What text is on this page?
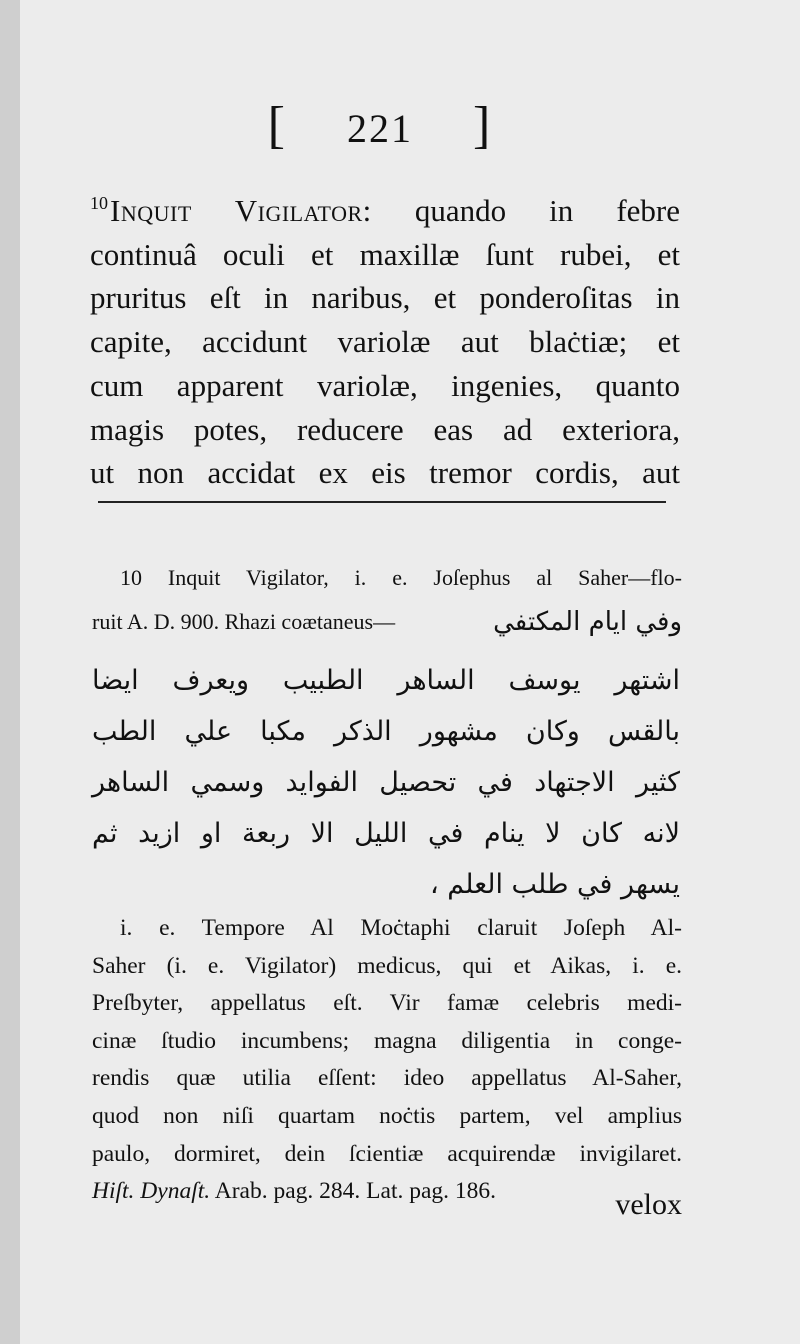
[ 221 ]
$^{10}$Inquit Vigilator: quando in febre
continuâ oculi et maxillæ ſunt rubei, et
pruritus eſt in naribus, et ponderoſitas in
capite, accidunt variolæ aut blaċtiæ; et
cum apparent variolæ, ingenies, quanto
magis potes, reducere eas ad exteriora,
ut non accidat ex eis tremor cordis, aut
10 Inquit Vigilator, i. e. Joſephus al Saher—flo-
ruit A. D. 900. Rhazi coætaneus—	وفي ايام المكتفي
اشتهر يوسف الساهر الطبيب ويعرف ايضا
بالقس وكان مشهور الذكر مكبا علي الطب
كثير الاجتهاد في تحصيل الفوايد وسمي الساهر
لانه كان لا ينام في الليل الا ربعة او ازيد ثم
يسهر في طلب العلم ،
i. e. Tempore Al Moċtaphi claruit Joſeph Al-
Saher (i. e. Vigilator) medicus, qui et Aikas, i. e.
Preſbyter, appellatus eſt. Vir famæ celebris medi-
cinæ ſtudio incumbens; magna diligentia in conge-
rendis quæ utilia eſſent: ideo appellatus Al-Saher,
quod non niſi quartam noċtis partem, vel amplius
paulo, dormiret, dein ſcientiæ acquirendæ invigilaret.
Hiſt. Dynaſt. Arab. pag. 284. Lat. pag. 186.	velox
